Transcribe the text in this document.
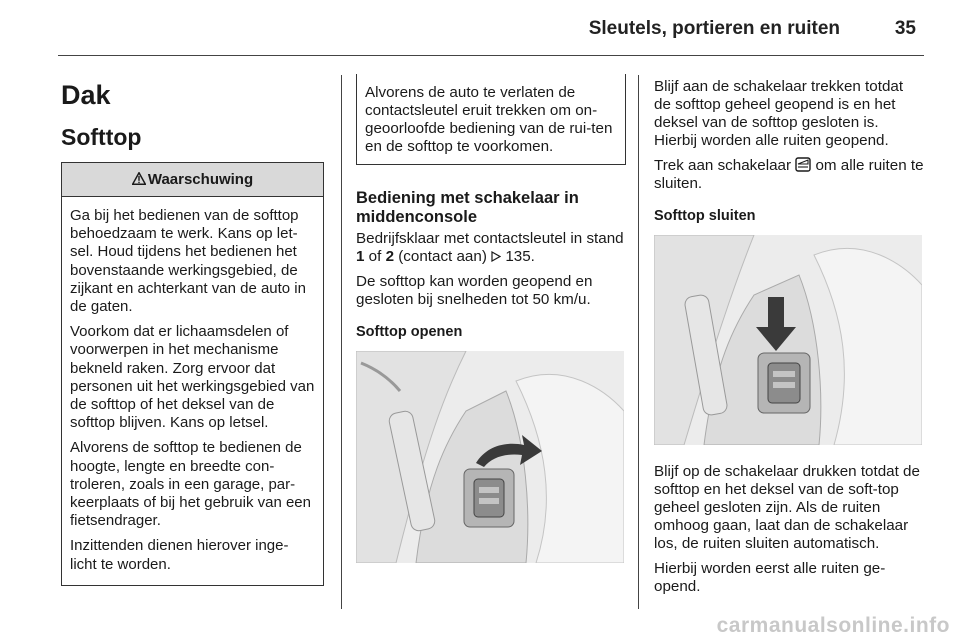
Sleutels, portieren en ruiten	35
Dak
Softtop
Waarschuwing

Ga bij het bedienen van de softtop behoedzaam te werk. Kans op let-sel. Houd tijdens het bedienen het bovenstaande werkingsgebied, de zijkant en achterkant van de auto in de gaten.

Voorkom dat er lichaamsdelen of voorwerpen in het mechanisme bekneld raken. Zorg ervoor dat personen uit het werkingsgebied van de softtop of het deksel van de softtop blijven. Kans op letsel.

Alvorens de softtop te bedienen de hoogte, lengte en breedte con-troleren, zoals in een garage, par-keerplaats of bij het gebruik van een fietsendrager.

Inzittenden dienen hierover inge-licht te worden.

Alvorens de auto te verlaten de contactsleutel eruit trekken om on-geoorloofde bediening van de rui-ten en de softtop te voorkomen.
Bediening met schakelaar in middenconsole

Bedrijfsklaar met contactsleutel in stand 1 of 2 (contact aan)  135.

De softtop kan worden geopend en gesloten bij snelheden tot 50 km/u.

Softtop openen

Blijf aan de schakelaar trekken totdat de softtop geheel geopend is en het deksel van de softtop gesloten is. Hierbij worden alle ruiten geopend.

Trek aan schakelaar  om alle ruiten te sluiten.

Softtop sluiten

Blijf op de schakelaar drukken totdat de softtop en het deksel van de soft-top geheel gesloten zijn. Als de ruiten omhoog gaan, laat dan de schakelaar los, de ruiten sluiten automatisch.

Hierbij worden eerst alle ruiten ge-opend.

carmanualsonline.info
